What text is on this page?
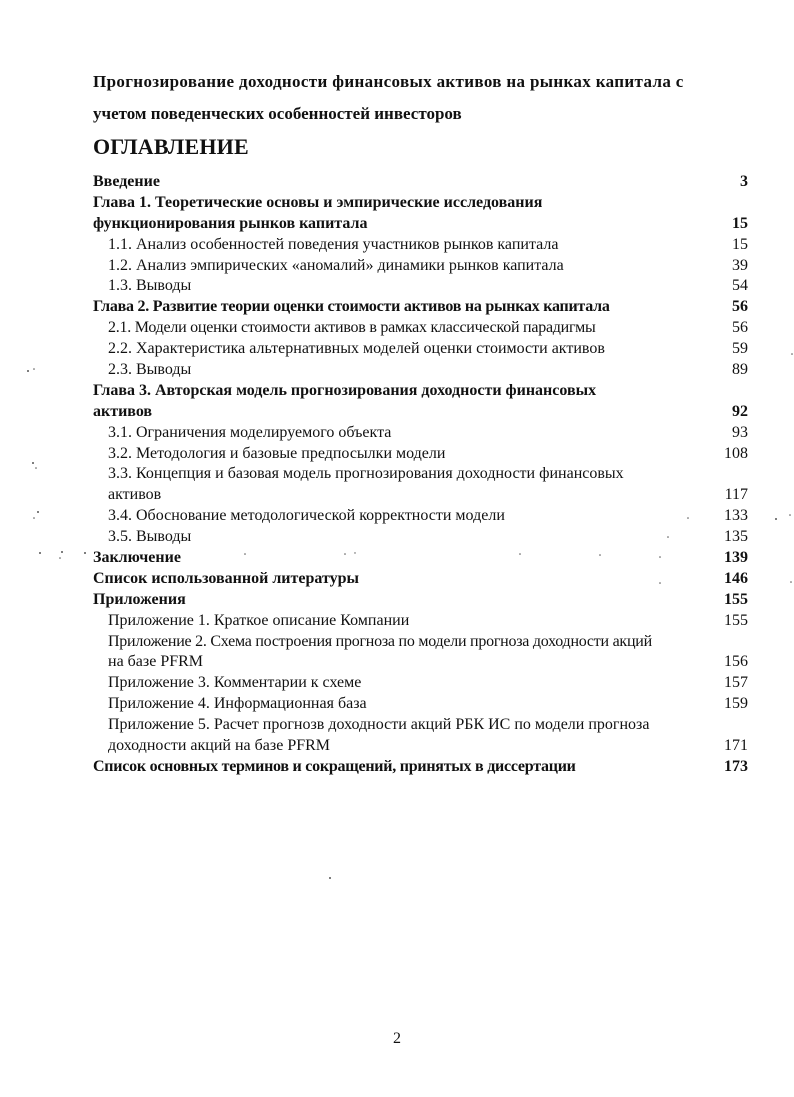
Прогнозирование доходности финансовых активов на рынках капитала с
учетом поведенческих особенностей инвесторов
ОГЛАВЛЕНИЕ
Введение	3
Глава 1. Теоретические основы и эмпирические исследования
функционирования рынков капитала	15
1.1. Анализ особенностей поведения участников рынков капитала	15
1.2. Анализ эмпирических «аномалий» динамики рынков капитала	39
1.3. Выводы	54
Глава 2. Развитие теории оценки стоимости активов на рынках капитала	56
2.1. Модели оценки стоимости активов в рамках классической парадигмы	56
2.2. Характеристика альтернативных моделей оценки стоимости активов	59
2.3. Выводы	89
Глава 3. Авторская модель прогнозирования доходности финансовых
активов	92
3.1. Ограничения моделируемого объекта	93
3.2. Методология и базовые предпосылки модели	108
3.3. Концепция и базовая модель прогнозирования доходности финансовых
активов	117
3.4. Обоснование методологической корректности модели	133
3.5. Выводы	135
Заключение	139
Список использованной литературы	146
Приложения	155
Приложение 1. Краткое описание Компании	155
Приложение 2. Схема построения прогноза по модели прогноза доходности акций
на базе PFRM	156
Приложение 3. Комментарии к схеме	157
Приложение 4. Информационная база	159
Приложение 5. Расчет прогнозв доходности акций РБК ИС по модели прогноза
доходности акций на базе PFRM	171
Список основных терминов и сокращений, принятых в диссертации	173
2
